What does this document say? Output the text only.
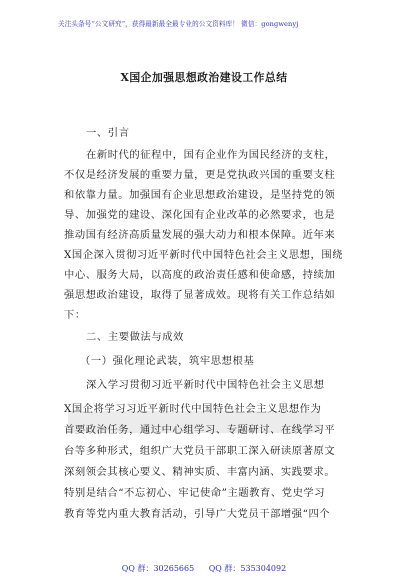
关注头条号“公文研究”，获得最新最全最专业的公文资料库！ 微信：gongwenyj
X国企加强思想政治建设工作总结
一、引言
在新时代的征程中，国有企业作为国民经济的支柱，
不仅是经济发展的重要力量，更是党执政兴国的重要支柱
和依靠力量。加强国有企业思想政治建设，是坚持党的领
导、加强党的建设、深化国有企业改革的必然要求，也是
推动国有经济高质量发展的强大动力和根本保障。近年来
X国企深入贯彻习近平新时代中国特色社会主义思想，围绕
中心、服务大局，以高度的政治责任感和使命感，持续加
强思想政治建设，取得了显著成效。现将有关工作总结如
下：
二、主要做法与成效
（一）强化理论武装，筑牢思想根基
深入学习贯彻习近平新时代中国特色社会主义思想
X国企将学习习近平新时代中国特色社会主义思想作为
首要政治任务，通过中心组学习、专题研讨、在线学习平
台等多种形式，组织广大党员干部职工深入研读原著原文
深刻领会其核心要义、精神实质、丰富内涵、实践要求。
特别是结合“不忘初心、牢记使命”主题教育、党史学习
教育等党内重大教育活动，引导广大党员干部增强“四个
QQ 群：30265665 QQ 群：535304092
